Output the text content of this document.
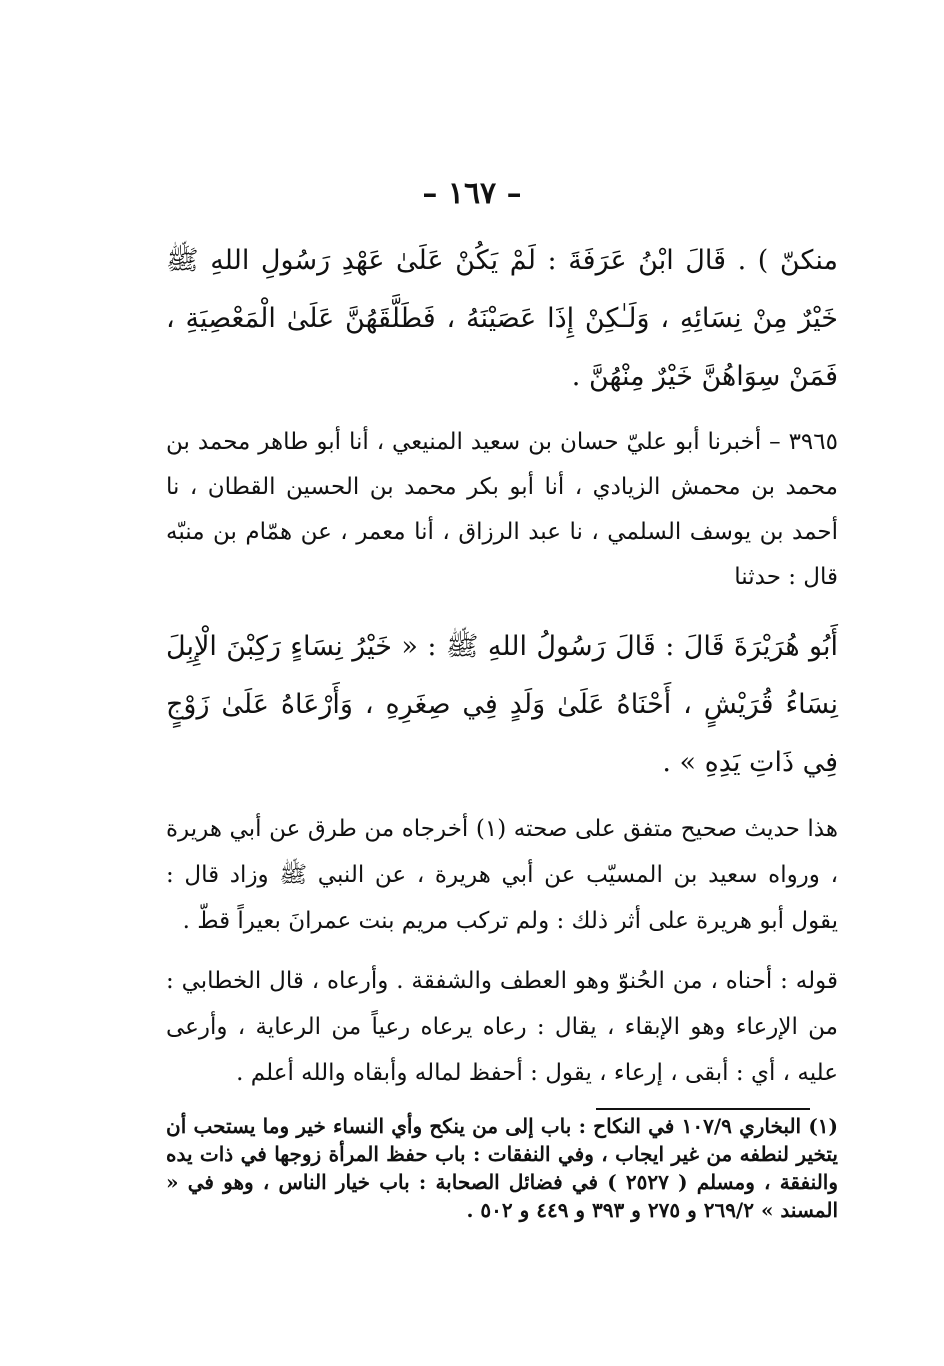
– ١٦٧ –

منكنّ ) . قَالَ ابْنُ عَرَفَةَ : لَمْ يَكُنْ عَلَىٰ عَهْدِ رَسُولِ اللهِ ﷺ خَيْرٌ مِنْ نِسَائِهِ ، وَلَـٰكِنْ إِذَا عَصَيْنَهُ ، فَطَلَّقَهُنَّ عَلَىٰ الْمَعْصِيَةِ ، فَمَنْ سِوَاهُنَّ خَيْرٌ مِنْهُنَّ .

٣٩٦٥ – أخبرنا أبو عليّ حسان بن سعيد المنيعي ، أنا أبو طاهر محمد بن محمد بن محمش الزيادي ، أنا أبو بكر محمد بن الحسين القطان ، نا أحمد بن يوسف السلمي ، نا عبد الرزاق ، أنا معمر ، عن همّام بن منبّه قال : حدثنا

أَبُو هُرَيْرَةَ قَالَ : قَالَ رَسُولُ اللهِ ﷺ : « خَيْرُ نِسَاءٍ رَكِبْنَ الْإِبِلَ نِسَاءُ قُرَيْشٍ ، أَحْنَاهُ عَلَىٰ وَلَدٍ فِي صِغَرِهِ ، وَأَرْعَاهُ عَلَىٰ زَوْجٍ فِي ذَاتِ يَدِهِ » .

هذا حديث صحيح متفق على صحته (١) أخرجاه من طرق عن أبي هريرة ، ورواه سعيد بن المسيّب عن أبي هريرة ، عن النبي ﷺ وزاد قال : يقول أبو هريرة على أثر ذلك : ولم تركب مريم بنت عمرانَ بعيراً قطّ .

قوله : أحناه ، من الحُنوّ وهو العطف والشفقة . وأرعاه ، قال الخطابي : من الإرعاء وهو الإبقاء ، يقال : رعاه يرعاه رعياً من الرعاية ، وأرعى عليه ، أي : أبقى ، إرعاء ، يقول : أحفظ لماله وأبقاه والله أعلم .

(١) البخاري ١٠٧/٩ في النكاح : باب إلى من ينكح وأي النساء خير وما يستحب أن يتخير لنطفه من غير ايجاب ، وفي النفقات : باب حفظ المرأة زوجها في ذات يده والنفقة ، ومسلم ( ٢٥٢٧ ) في فضائل الصحابة : باب خيار الناس ، وهو في « المسند » ٢٦٩/٢ و ٢٧٥ و ٣٩٣ و ٤٤٩ و ٥٠٢ .
